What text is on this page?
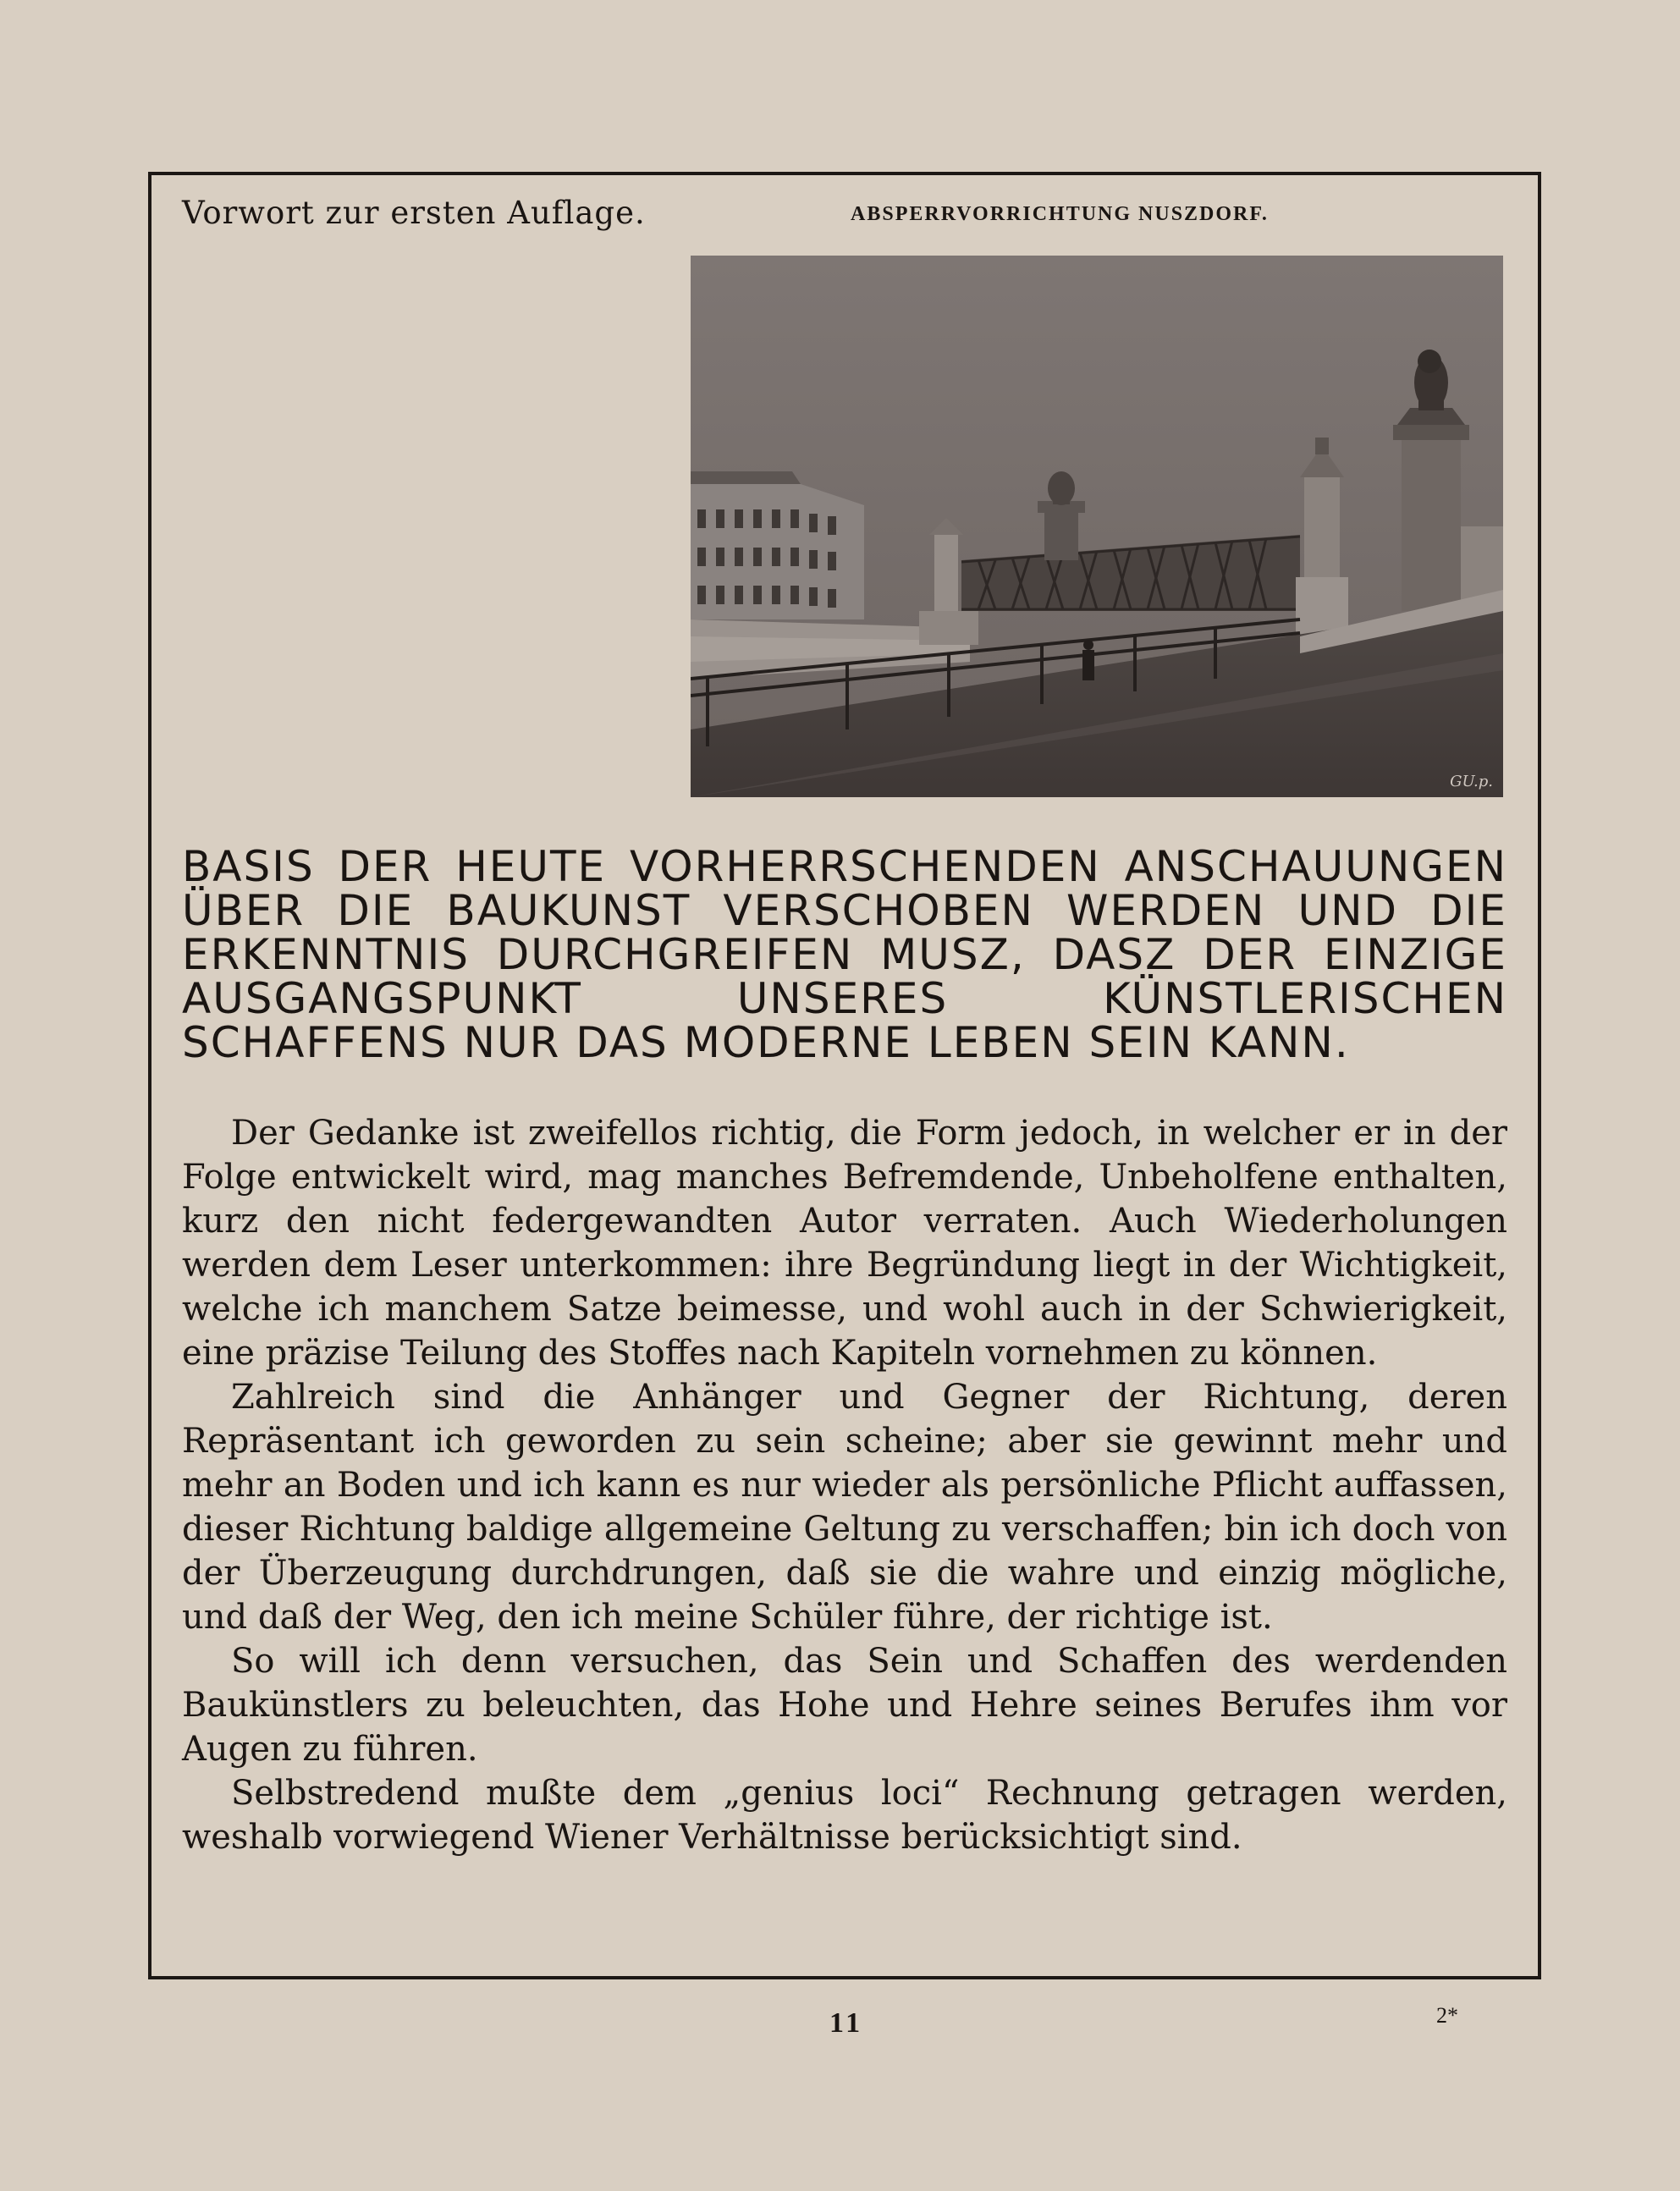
Vorwort zur ersten Auflage.	ABSPERRVORRICHTUNG NUSZDORF.
GU.p.
BASIS DER HEUTE VORHERRSCHENDEN ANSCHAUUNGEN ÜBER DIE BAUKUNST VERSCHOBEN WERDEN UND DIE ERKENNTNIS DURCHGREIFEN MUSZ, DASZ DER EINZIGE AUSGANGSPUNKT UNSERES KÜNSTLERISCHEN SCHAFFENS NUR DAS MODERNE LEBEN SEIN KANN.

Der Gedanke ist zweifellos richtig, die Form jedoch, in welcher er in der Folge entwickelt wird, mag manches Befremdende, Unbeholfene enthalten, kurz den nicht federgewandten Autor verraten. Auch Wiederholungen werden dem Leser unterkommen: ihre Begründung liegt in der Wichtigkeit, welche ich manchem Satze beimesse, und wohl auch in der Schwierigkeit, eine präzise Teilung des Stoffes nach Kapiteln vornehmen zu können.

Zahlreich sind die Anhänger und Gegner der Richtung, deren Repräsentant ich geworden zu sein scheine; aber sie gewinnt mehr und mehr an Boden und ich kann es nur wieder als persönliche Pflicht auffassen, dieser Richtung baldige allgemeine Geltung zu verschaffen; bin ich doch von der Überzeugung durchdrungen, daß sie die wahre und einzig mögliche, und daß der Weg, den ich meine Schüler führe, der richtige ist.

So will ich denn versuchen, das Sein und Schaffen des werdenden Baukünstlers zu beleuchten, das Hohe und Hehre seines Berufes ihm vor Augen zu führen.

Selbstredend mußte dem „genius loci“ Rechnung getragen werden, weshalb vorwiegend Wiener Verhältnisse berücksichtigt sind.

11	2*
